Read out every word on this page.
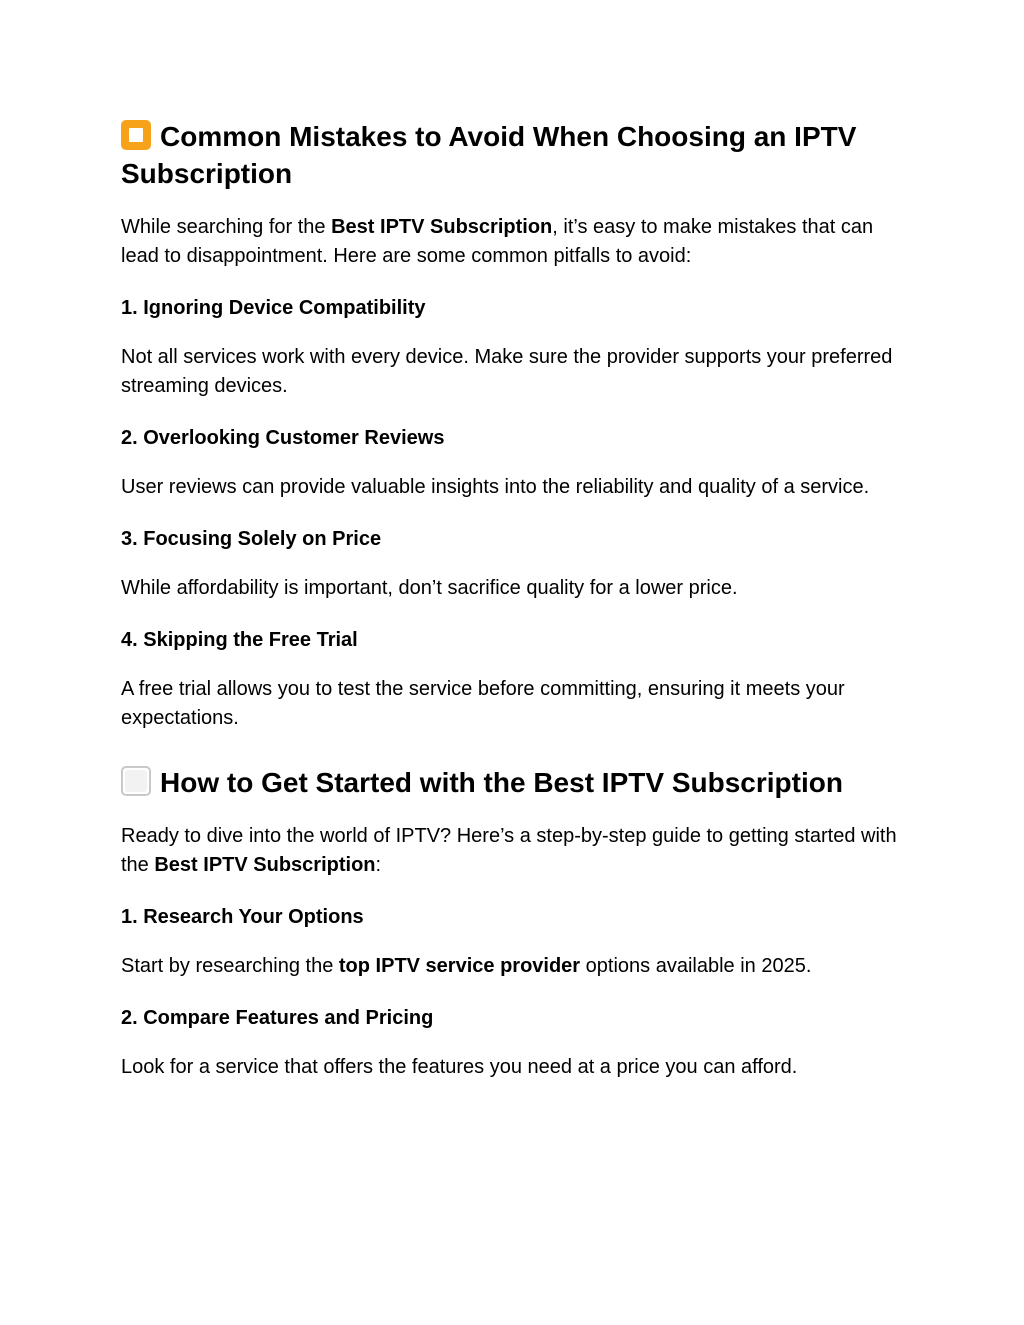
Common Mistakes to Avoid When Choosing an IPTV Subscription

While searching for the Best IPTV Subscription, it’s easy to make mistakes that can lead to disappointment. Here are some common pitfalls to avoid:

1. Ignoring Device Compatibility

Not all services work with every device. Make sure the provider supports your preferred streaming devices.

2. Overlooking Customer Reviews

User reviews can provide valuable insights into the reliability and quality of a service.

3. Focusing Solely on Price

While affordability is important, don’t sacrifice quality for a lower price.

4. Skipping the Free Trial

A free trial allows you to test the service before committing, ensuring it meets your expectations.

How to Get Started with the Best IPTV Subscription

Ready to dive into the world of IPTV? Here’s a step-by-step guide to getting started with the Best IPTV Subscription:

1. Research Your Options

Start by researching the top IPTV service provider options available in 2025.

2. Compare Features and Pricing

Look for a service that offers the features you need at a price you can afford.
